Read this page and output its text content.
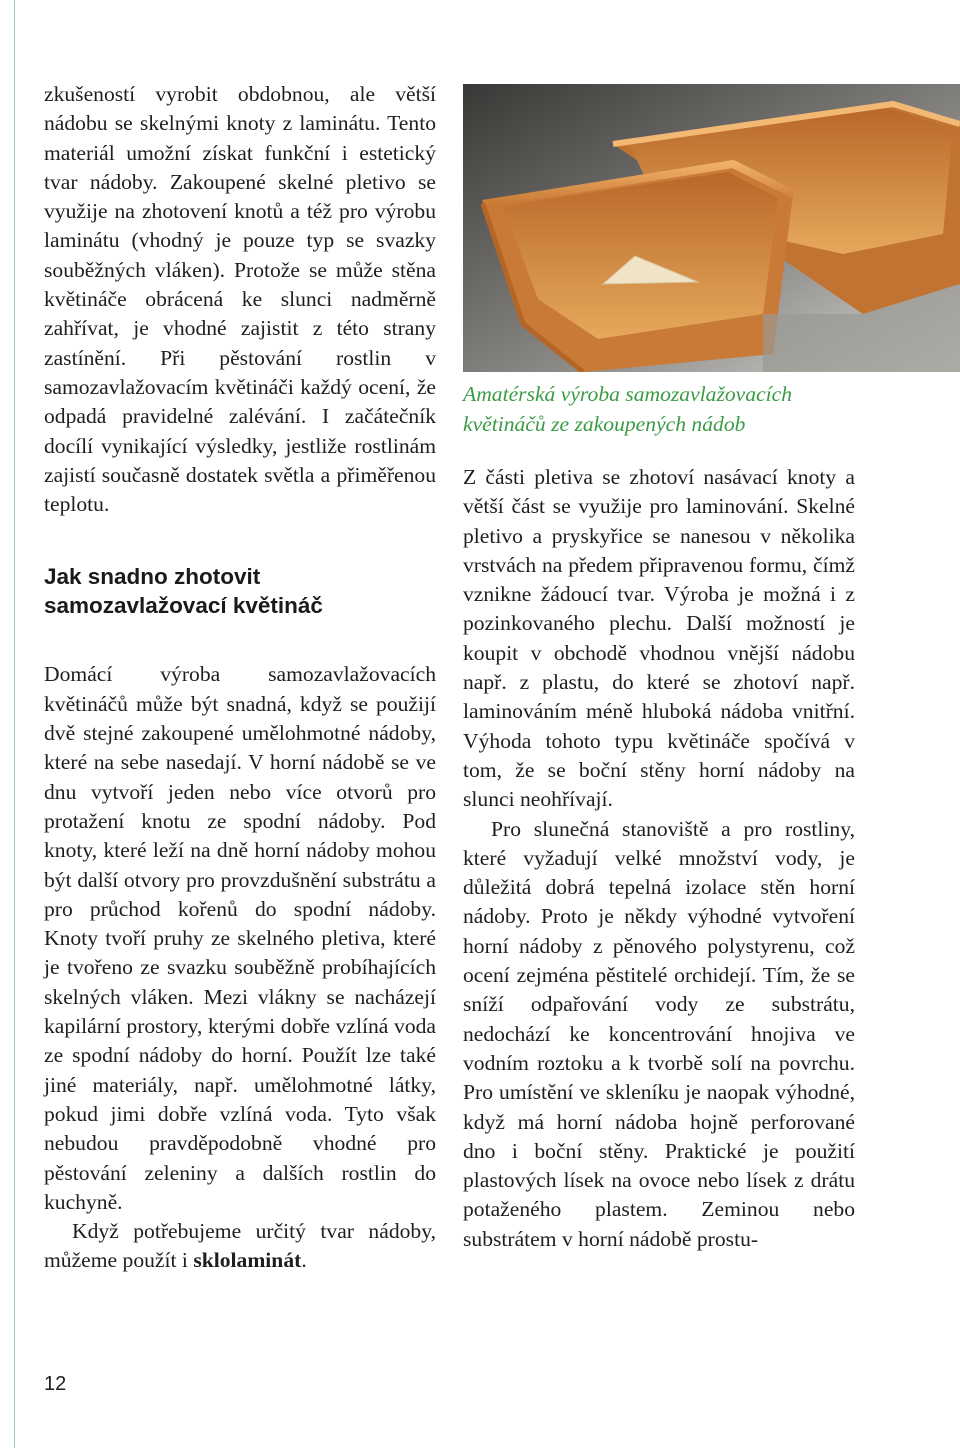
zkušeností vyrobit obdobnou, ale větší nádobu se skelnými knoty z laminátu. Tento materiál umožní získat funkční i estetický tvar nádoby. Zakoupené skelné pletivo se využije na zhotovení knotů a též pro výrobu laminátu (vhodný je pouze typ se svazky souběžných vláken). Protože se může stěna květináče obrácená ke slunci nadměrně zahřívat, je vhodné zajistit z této strany zastínění. Při pěstování rostlin v samozavlažovacím květináči každý ocení, že odpadá pravidelné zalévání. I začátečník docílí vynikající výsledky, jestliže rostlinám zajistí současně dostatek světla a přiměřenou teplotu.

Jak snadno zhotovit
samozavlažovací květináč

Domácí výroba samozavlažovacích květináčů může být snadná, když se použijí dvě stejné zakoupené umělohmotné nádoby, které na sebe nasedají. V horní nádobě se ve dnu vytvoří jeden nebo více otvorů pro protažení knotu ze spodní nádoby. Pod knoty, které leží na dně horní nádoby mohou být další otvory pro provzdušnění substrátu a pro průchod kořenů do spodní nádoby. Knoty tvoří pruhy ze skelného pletiva, které je tvořeno ze svazku souběžně probíhajících skelných vláken. Mezi vlákny se nacházejí kapilární prostory, kterými dobře vzlíná voda ze spodní nádoby do horní. Použít lze také jiné materiály, např. umělohmotné látky, pokud jimi dobře vzlíná voda. Tyto však nebudou pravděpodobně vhodné pro pěstování zeleniny a dalších rostlin do kuchyně.

Když potřebujeme určitý tvar nádoby, můžeme použít i sklolaminát.

Amatérská výroba samozavlažovacích
květináčů ze zakoupených nádob

Z části pletiva se zhotoví nasávací knoty a větší část se využije pro laminování. Skelné pletivo a pryskyřice se nanesou v několika vrstvách na předem připravenou formu, čímž vznikne žádoucí tvar. Výroba je možná i z pozinkovaného plechu. Další možností je koupit v obchodě vhodnou vnější nádobu např. z plastu, do které se zhotoví např. laminováním méně hluboká nádoba vnitřní. Výhoda tohoto typu květináče spočívá v tom, že se boční stěny horní nádoby na slunci neohřívají.

Pro slunečná stanoviště a pro rostliny, které vyžadují velké množství vody, je důležitá dobrá tepelná izolace stěn horní nádoby. Proto je někdy výhodné vytvoření horní nádoby z pěnového polystyrenu, což ocení zejména pěstitelé orchidejí. Tím, že se sníží odpařování vody ze substrátu, nedochází ke koncentrování hnojiva ve vodním roztoku a k tvorbě solí na povrchu. Pro umístění ve skleníku je naopak výhodné, když má horní nádoba hojně perforované dno i boční stěny. Praktické je použití plastových lísek na ovoce nebo lísek z drátu potaženého plastem. Zeminou nebo substrátem v horní nádobě prostu-

12
